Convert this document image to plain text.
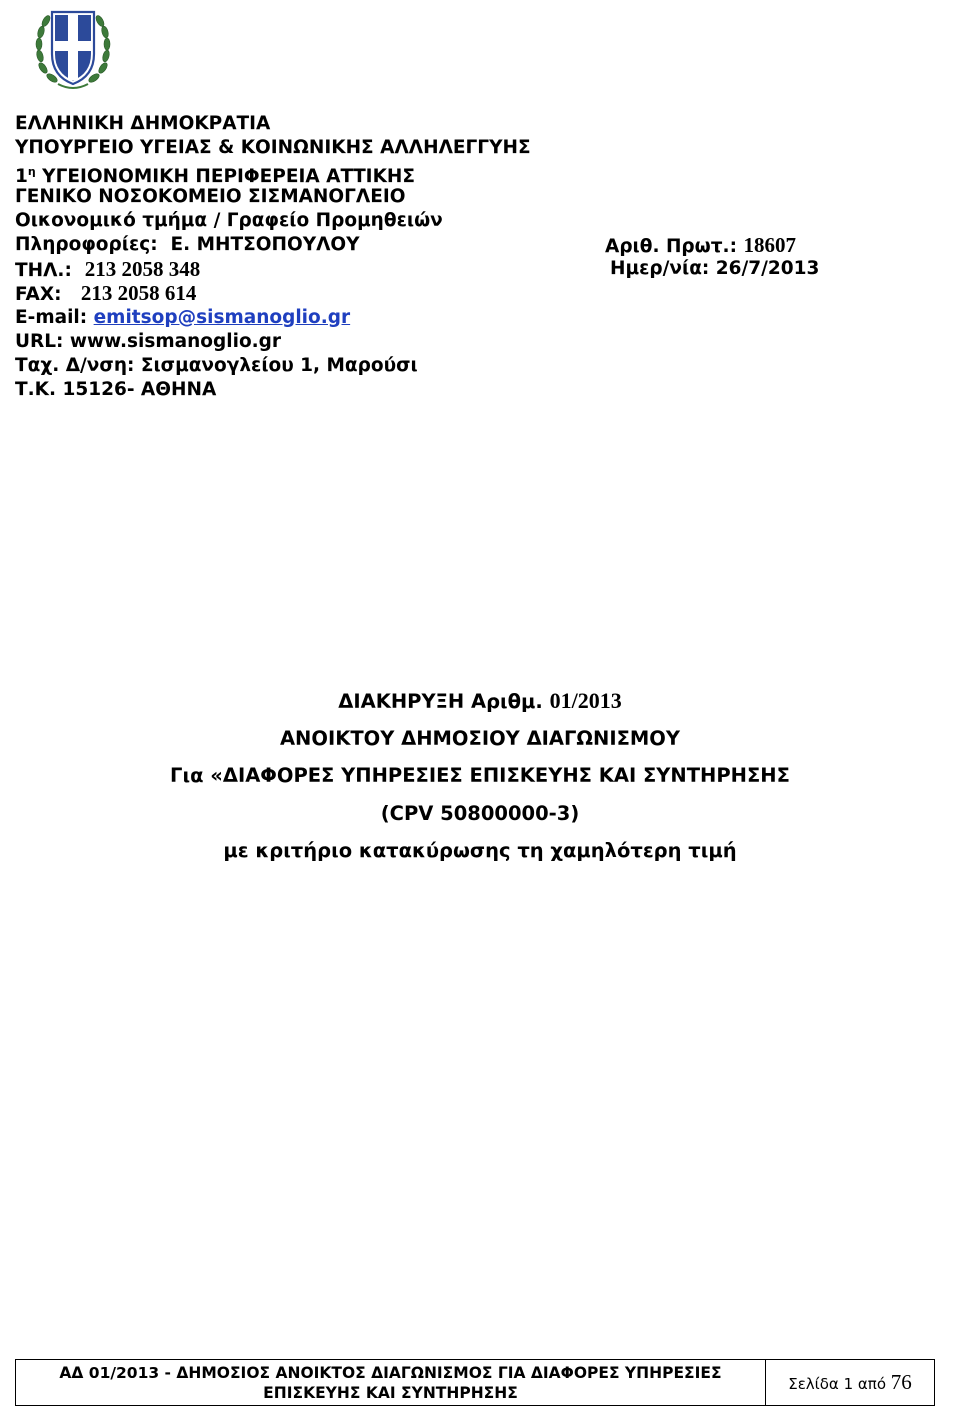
ΕΛΛΗΝΙΚΗ ΔΗΜΟΚΡΑΤΙΑ
ΥΠΟΥΡΓΕΙΟ ΥΓΕΙΑΣ & ΚΟΙΝΩΝΙΚΗΣ ΑΛΛΗΛΕΓΓΥΗΣ
$1^\eta$ ΥΓΕΙΟΝΟΜΙΚΗ ΠΕΡΙΦΕΡΕΙΑ ΑΤΤΙΚΗΣ
ΓΕΝΙΚΟ ΝΟΣΟΚΟΜΕΙΟ ΣΙΣΜΑΝΟΓΛΕΙΟ
Οικονομικό τμήμα / Γραφείο Προμηθειών
Πληροφορίες: Ε. ΜΗΤΣΟΠΟΥΛΟΥ	Αριθ. Πρωτ.: 18607
ΤΗΛ.: 213 2058 348	Ημερ/νία: 26/7/2013
FAX: 213 2058 614
E-mail: emitsop@sismanoglio.gr
URL: www.sismanoglio.gr
Ταχ. Δ/νση: Σισμανογλείου 1, Μαρούσι
Τ.Κ. 15126- ΑΘΗΝΑ
ΔΙΑΚΗΡΥΞΗ Αριθμ. 01/2013
ΑΝΟΙΚΤΟΥ ΔΗΜΟΣΙΟΥ ΔΙΑΓΩΝΙΣΜΟΥ
Για «ΔΙΑΦΟΡΕΣ ΥΠΗΡΕΣΙΕΣ ΕΠΙΣΚΕΥΗΣ ΚΑΙ ΣΥΝΤΗΡΗΣΗΣ
(CPV 50800000-3)
με κριτήριο κατακύρωσης τη χαμηλότερη τιμή
ΑΔ 01/2013 - ΔΗΜΟΣΙΟΣ ΑΝΟΙΚΤΟΣ ΔΙΑΓΩΝΙΣΜΟΣ ΓΙΑ ΔΙΑΦΟΡΕΣ ΥΠΗΡΕΣΙΕΣ
ΕΠΙΣΚΕΥΗΣ ΚΑΙ ΣΥΝΤΗΡΗΣΗΣ	Σελίδα 1 από 76
